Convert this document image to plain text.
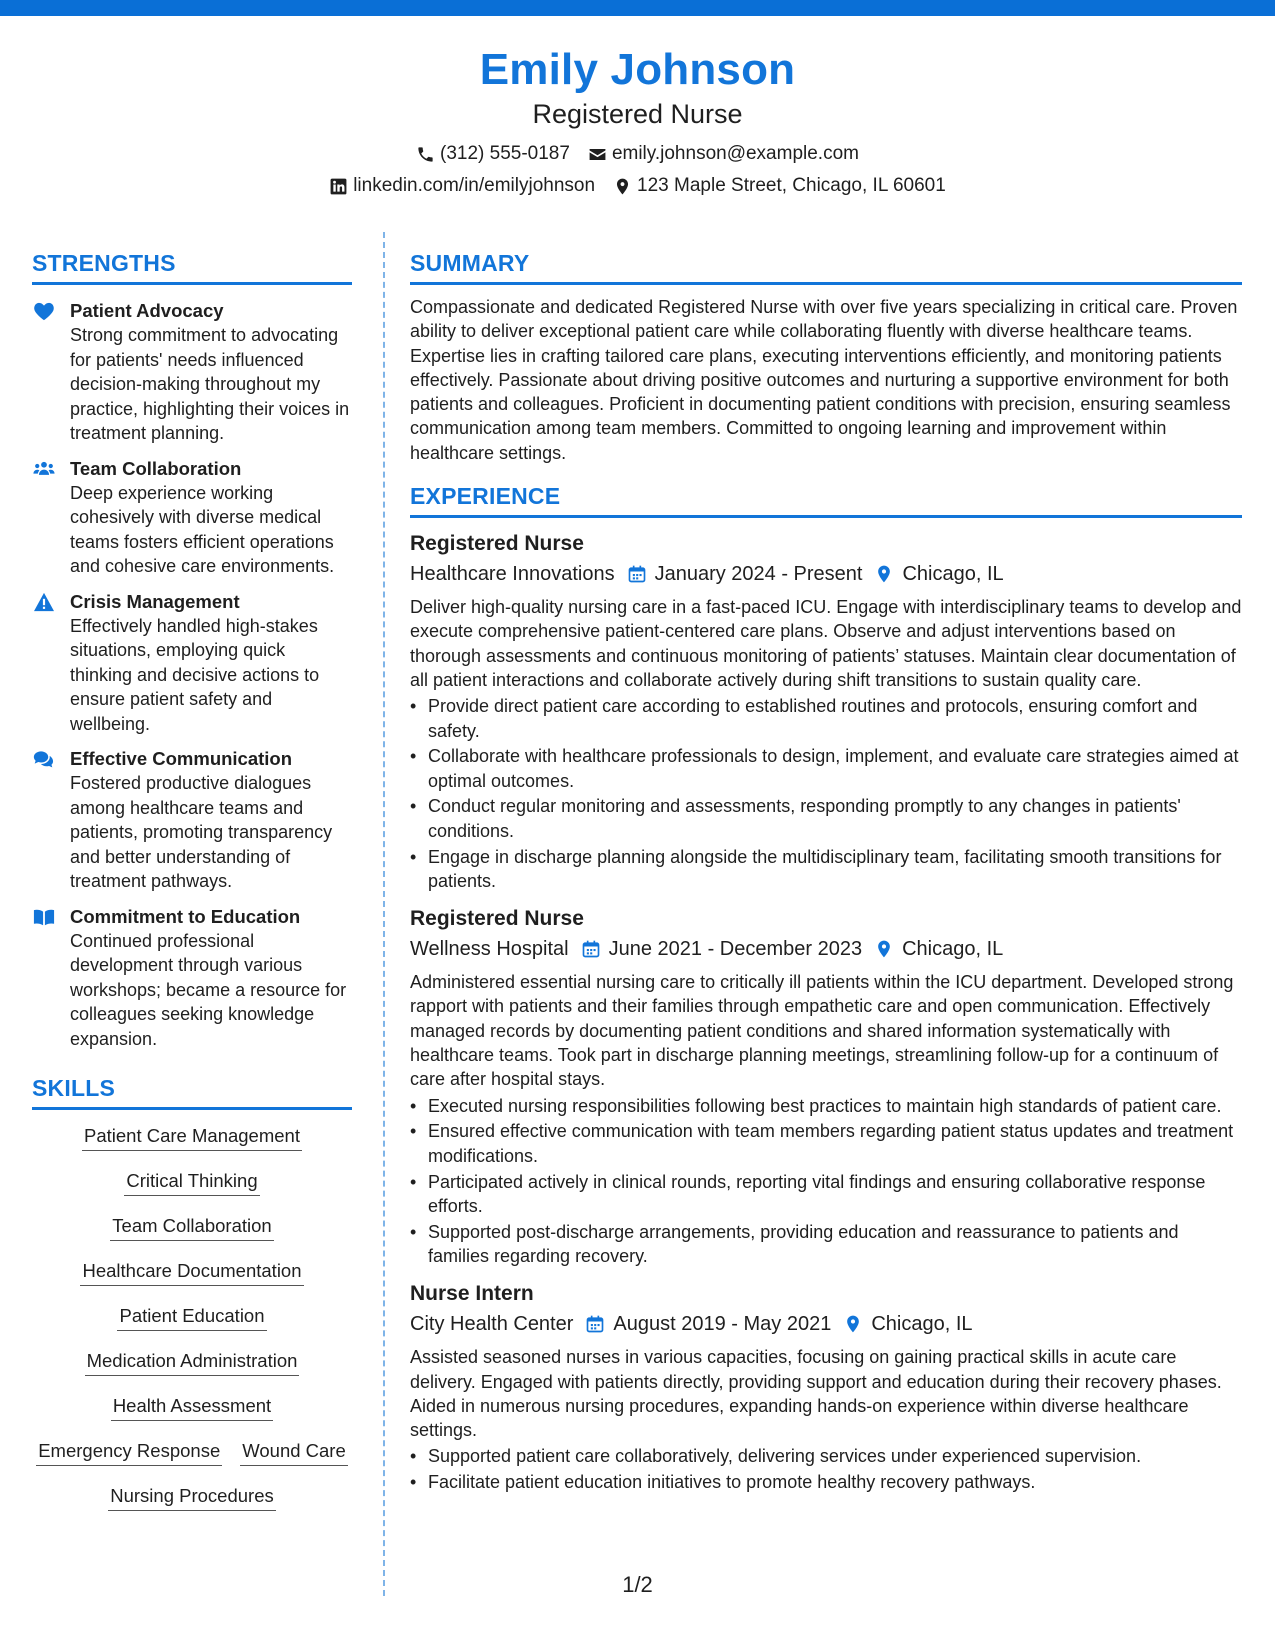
Emily Johnson
Registered Nurse
(312) 555-0187 emily.johnson@example.com
linkedin.com/in/emilyjohnson 123 Maple Street, Chicago, IL 60601
STRENGTHS
Patient Advocacy
Strong commitment to advocating for patients' needs influenced decision-making throughout my practice, highlighting their voices in treatment planning.
Team Collaboration
Deep experience working cohesively with diverse medical teams fosters efficient operations and cohesive care environments.
Crisis Management
Effectively handled high-stakes situations, employing quick thinking and decisive actions to ensure patient safety and wellbeing.
Effective Communication
Fostered productive dialogues among healthcare teams and patients, promoting transparency and better understanding of treatment pathways.
Commitment to Education
Continued professional development through various workshops; became a resource for colleagues seeking knowledge expansion.
SKILLS
Patient Care Management
Critical Thinking
Team Collaboration
Healthcare Documentation
Patient Education
Medication Administration
Health Assessment
Emergency Response Wound Care
Nursing Procedures
SUMMARY
Compassionate and dedicated Registered Nurse with over five years specializing in critical care. Proven ability to deliver exceptional patient care while collaborating fluently with diverse healthcare teams. Expertise lies in crafting tailored care plans, executing interventions efficiently, and monitoring patients effectively. Passionate about driving positive outcomes and nurturing a supportive environment for both patients and colleagues. Proficient in documenting patient conditions with precision, ensuring seamless communication among team members. Committed to ongoing learning and improvement within healthcare settings.
EXPERIENCE
Registered Nurse
Healthcare Innovations January 2024 - Present Chicago, IL
Deliver high-quality nursing care in a fast-paced ICU. Engage with interdisciplinary teams to develop and execute comprehensive patient-centered care plans. Observe and adjust interventions based on thorough assessments and continuous monitoring of patients’ statuses. Maintain clear documentation of all patient interactions and collaborate actively during shift transitions to sustain quality care.
• Provide direct patient care according to established routines and protocols, ensuring comfort and safety.
• Collaborate with healthcare professionals to design, implement, and evaluate care strategies aimed at optimal outcomes.
• Conduct regular monitoring and assessments, responding promptly to any changes in patients' conditions.
• Engage in discharge planning alongside the multidisciplinary team, facilitating smooth transitions for patients.
Registered Nurse
Wellness Hospital June 2021 - December 2023 Chicago, IL
Administered essential nursing care to critically ill patients within the ICU department. Developed strong rapport with patients and their families through empathetic care and open communication. Effectively managed records by documenting patient conditions and shared information systematically with healthcare teams. Took part in discharge planning meetings, streamlining follow-up for a continuum of care after hospital stays.
• Executed nursing responsibilities following best practices to maintain high standards of patient care.
• Ensured effective communication with team members regarding patient status updates and treatment modifications.
• Participated actively in clinical rounds, reporting vital findings and ensuring collaborative response efforts.
• Supported post-discharge arrangements, providing education and reassurance to patients and families regarding recovery.
Nurse Intern
City Health Center August 2019 - May 2021 Chicago, IL
Assisted seasoned nurses in various capacities, focusing on gaining practical skills in acute care delivery. Engaged with patients directly, providing support and education during their recovery phases. Aided in numerous nursing procedures, expanding hands-on experience within diverse healthcare settings.
• Supported patient care collaboratively, delivering services under experienced supervision.
• Facilitate patient education initiatives to promote healthy recovery pathways.
1/2
